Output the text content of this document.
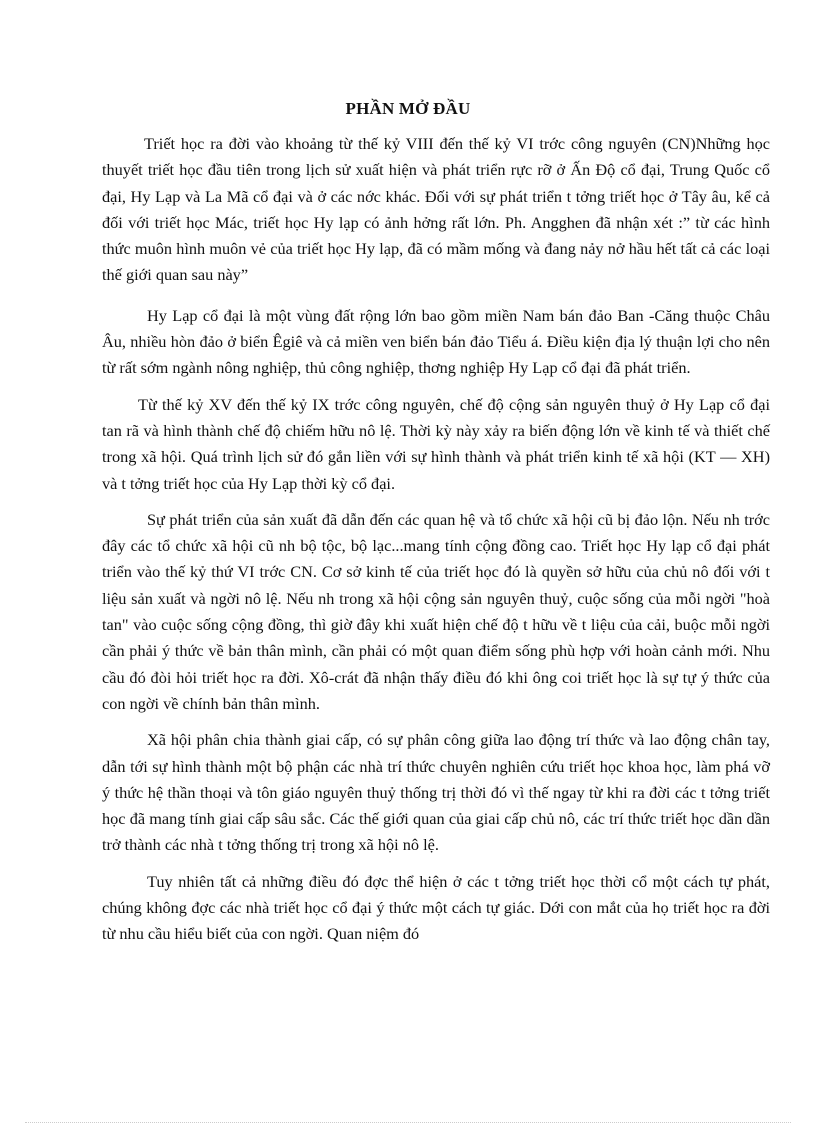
PHẦN MỞ ĐẦU

Triết học ra đời vào khoảng từ thế kỷ VIII đến thế kỷ VI trớc công nguyên (CN)Những học thuyết triết học đầu tiên trong lịch sử xuất hiện và phát triển rực rỡ ở Ấn Độ cổ đại, Trung Quốc cổ đại, Hy Lạp và La Mã cổ đại và ở các nớc khác. Đối với sự phát triển t tởng triết học ở Tây âu, kể cả đối với triết học Mác, triết học Hy lạp có ảnh hởng rất lớn. Ph. Angghen đã nhận xét :” từ các hình thức muôn hình muôn vẻ của triết học Hy lạp, đã có mầm mống và đang nảy nở hầu hết tất cả các loại thế giới quan sau này”

Hy Lạp cổ đại là một vùng đất rộng lớn bao gồm miền Nam bán đảo Ban -Căng thuộc Châu Âu, nhiều hòn đảo ở biển Êgiê và cả miền ven biển bán đảo Tiểu á. Điều kiện địa lý thuận lợi cho nên từ rất sớm ngành nông nghiệp, thủ công nghiệp, thơng nghiệp Hy Lạp cổ đại đã phát triển.

Từ thế kỷ XV đến thế kỷ IX trớc công nguyên, chế độ cộng sản nguyên thuỷ ở Hy Lạp cổ đại tan rã và hình thành chế độ chiếm hữu nô lệ. Thời kỳ này xảy ra biến động lớn về kinh tế và thiết chế trong xã hội. Quá trình lịch sử đó gắn liền với sự hình thành và phát triển kinh tế xã hội (KT — XH) và t tởng triết học của Hy Lạp thời kỳ cổ đại.

Sự phát triển của sản xuất đã dẫn đến các quan hệ và tổ chức xã hội cũ bị đảo lộn. Nếu nh trớc đây các tổ chức xã hội cũ nh bộ tộc, bộ lạc...mang tính cộng đồng cao. Triết học Hy lạp cổ đại phát triển vào thế kỷ thứ VI trớc CN. Cơ sở kinh tế của triết học đó là quyền sở hữu của chủ nô đối với t liệu sản xuất và ngời nô lệ. Nếu nh trong xã hội cộng sản nguyên thuỷ, cuộc sống của mỗi ngời "hoà tan" vào cuộc sống cộng đồng, thì giờ đây khi xuất hiện chế độ t hữu về t liệu của cải, buộc mỗi ngời cần phải ý thức về bản thân mình, cần phải có một quan điểm sống phù hợp với hoàn cảnh mới. Nhu cầu đó đòi hỏi triết học ra đời. Xô-crát đã nhận thấy điều đó khi ông coi triết học là sự tự ý thức của con ngời về chính bản thân mình.

Xã hội phân chia thành giai cấp, có sự phân công giữa lao động trí thức và lao động chân tay, dẫn tới sự hình thành một bộ phận các nhà trí thức chuyên nghiên cứu triết học khoa học, làm phá vỡ ý thức hệ thần thoại và tôn giáo nguyên thuỷ thống trị thời đó vì thế ngay từ khi ra đời các t tởng triết học đã mang tính giai cấp sâu sắc. Các thế giới quan của giai cấp chủ nô, các trí thức triết học dần dần trở thành các nhà t tởng thống trị trong xã hội nô lệ.

Tuy nhiên tất cả những điều đó đợc thể hiện ở các t tởng triết học thời cổ một cách tự phát, chúng không đợc các nhà triết học cổ đại ý thức một cách tự giác. Dới con mắt của họ triết học ra đời từ nhu cầu hiểu biết của con ngời. Quan niệm đó
